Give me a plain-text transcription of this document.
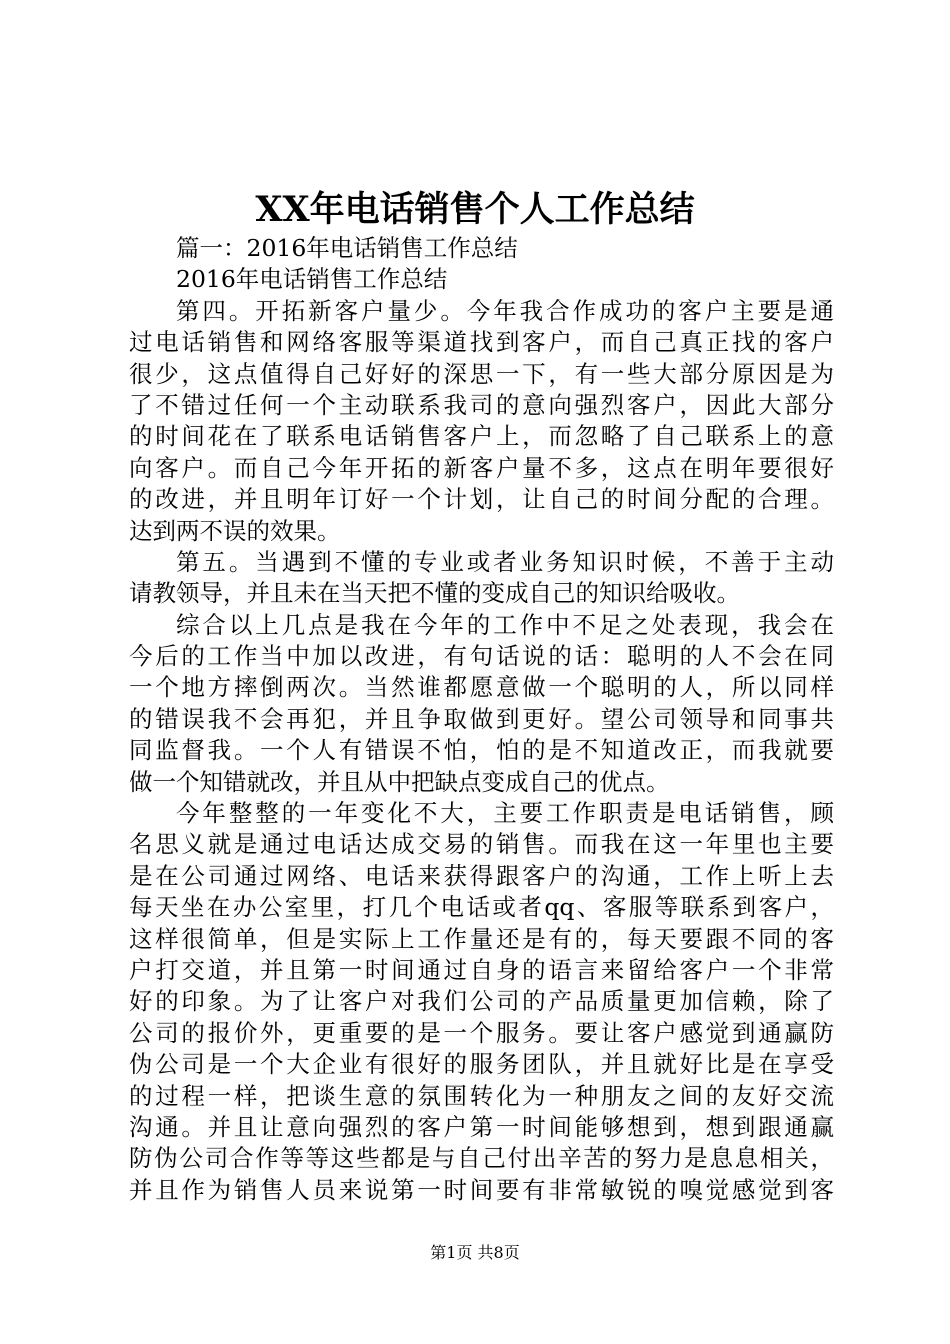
XX年电话销售个人工作总结
篇一：2016年电话销售工作总结
2016年电话销售工作总结
第四。开拓新客户量少。今年我合作成功的客户主要是通
过电话销售和网络客服等渠道找到客户，而自己真正找的客户
很少，这点值得自己好好的深思一下，有一些大部分原因是为
了不错过任何一个主动联系我司的意向强烈客户，因此大部分
的时间花在了联系电话销售客户上，而忽略了自己联系上的意
向客户。而自己今年开拓的新客户量不多，这点在明年要很好
的改进，并且明年订好一个计划，让自己的时间分配的合理。
达到两不误的效果。
第五。当遇到不懂的专业或者业务知识时候，不善于主动
请教领导，并且未在当天把不懂的变成自己的知识给吸收。
综合以上几点是我在今年的工作中不足之处表现，我会在
今后的工作当中加以改进，有句话说的话：聪明的人不会在同
一个地方摔倒两次。当然谁都愿意做一个聪明的人，所以同样
的错误我不会再犯，并且争取做到更好。望公司领导和同事共
同监督我。一个人有错误不怕，怕的是不知道改正，而我就要
做一个知错就改，并且从中把缺点变成自己的优点。
今年整整的一年变化不大，主要工作职责是电话销售，顾
名思义就是通过电话达成交易的销售。而我在这一年里也主要
是在公司通过网络、电话来获得跟客户的沟通，工作上听上去
每天坐在办公室里，打几个电话或者qq、客服等联系到客户，
这样很简单，但是实际上工作量还是有的，每天要跟不同的客
户打交道，并且第一时间通过自身的语言来留给客户一个非常
好的印象。为了让客户对我们公司的产品质量更加信赖，除了
公司的报价外，更重要的是一个服务。要让客户感觉到通赢防
伪公司是一个大企业有很好的服务团队，并且就好比是在享受
的过程一样，把谈生意的氛围转化为一种朋友之间的友好交流
沟通。并且让意向强烈的客户第一时间能够想到，想到跟通赢
防伪公司合作等等这些都是与自己付出辛苦的努力是息息相关，
并且作为销售人员来说第一时间要有非常敏锐的嗅觉感觉到客
第1页 共8页
